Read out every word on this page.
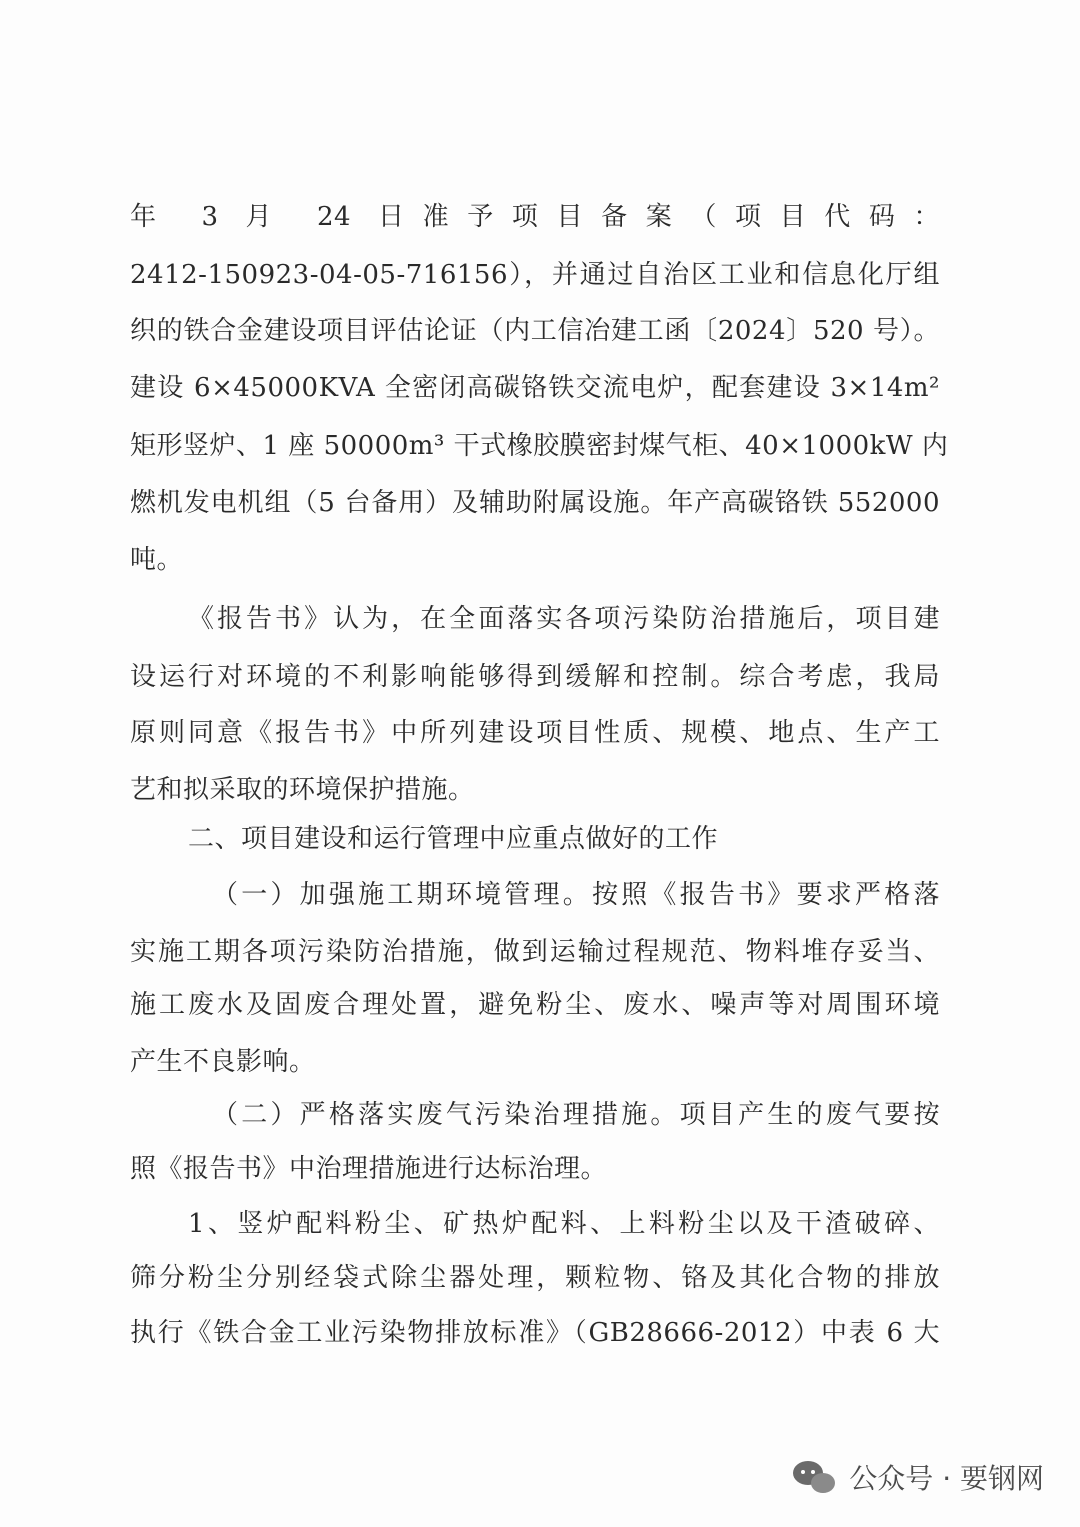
年 3 月 24 日准予项目备案（项目代码：
2412-150923-04-05-716156），并通过自治区工业和信息化厅组
织的铁合金建设项目评估论证（内工信冶建工函〔2024〕520 号）。
建设 6×45000KVA 全密闭高碳铬铁交流电炉，配套建设 3×14m²
矩形竖炉、1 座 50000m³ 干式橡胶膜密封煤气柜、40×1000kW 内
燃机发电机组（5 台备用）及辅助附属设施。年产高碳铬铁 552000
吨。
《报告书》认为，在全面落实各项污染防治措施后，项目建
设运行对环境的不利影响能够得到缓解和控制。综合考虑，我局
原则同意《报告书》中所列建设项目性质、规模、地点、生产工
艺和拟采取的环境保护措施。
二、项目建设和运行管理中应重点做好的工作
（一）加强施工期环境管理。按照《报告书》要求严格落
实施工期各项污染防治措施，做到运输过程规范、物料堆存妥当、
施工废水及固废合理处置，避免粉尘、废水、噪声等对周围环境
产生不良影响。
（二）严格落实废气污染治理措施。项目产生的废气要按
照《报告书》中治理措施进行达标治理。
1、竖炉配料粉尘、矿热炉配料、上料粉尘以及干渣破碎、
筛分粉尘分别经袋式除尘器处理，颗粒物、铬及其化合物的排放
执行《铁合金工业污染物排放标准》（GB28666-2012）中表 6 大
公众号 · 要钢网
